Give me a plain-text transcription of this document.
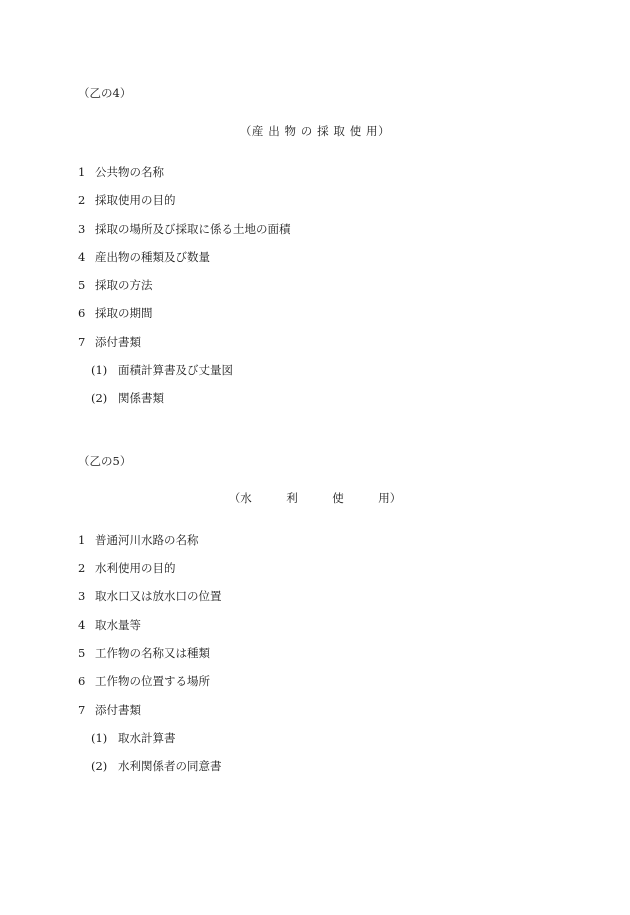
（乙の4）
（産 出 物 の 採 取 使 用）
1 公共物の名称
2 採取使用の目的
3 採取の場所及び採取に係る土地の面積
4 産出物の種類及び数量
5 採取の方法
6 採取の期間
7 添付書類
(1) 面積計算書及び丈量図
(2) 関係書類
（乙の5）
（水　　　利　　　使　　　用）
1 普通河川水路の名称
2 水利使用の目的
3 取水口又は放水口の位置
4 取水量等
5 工作物の名称又は種類
6 工作物の位置する場所
7 添付書類
(1) 取水計算書
(2) 水利関係者の同意書
